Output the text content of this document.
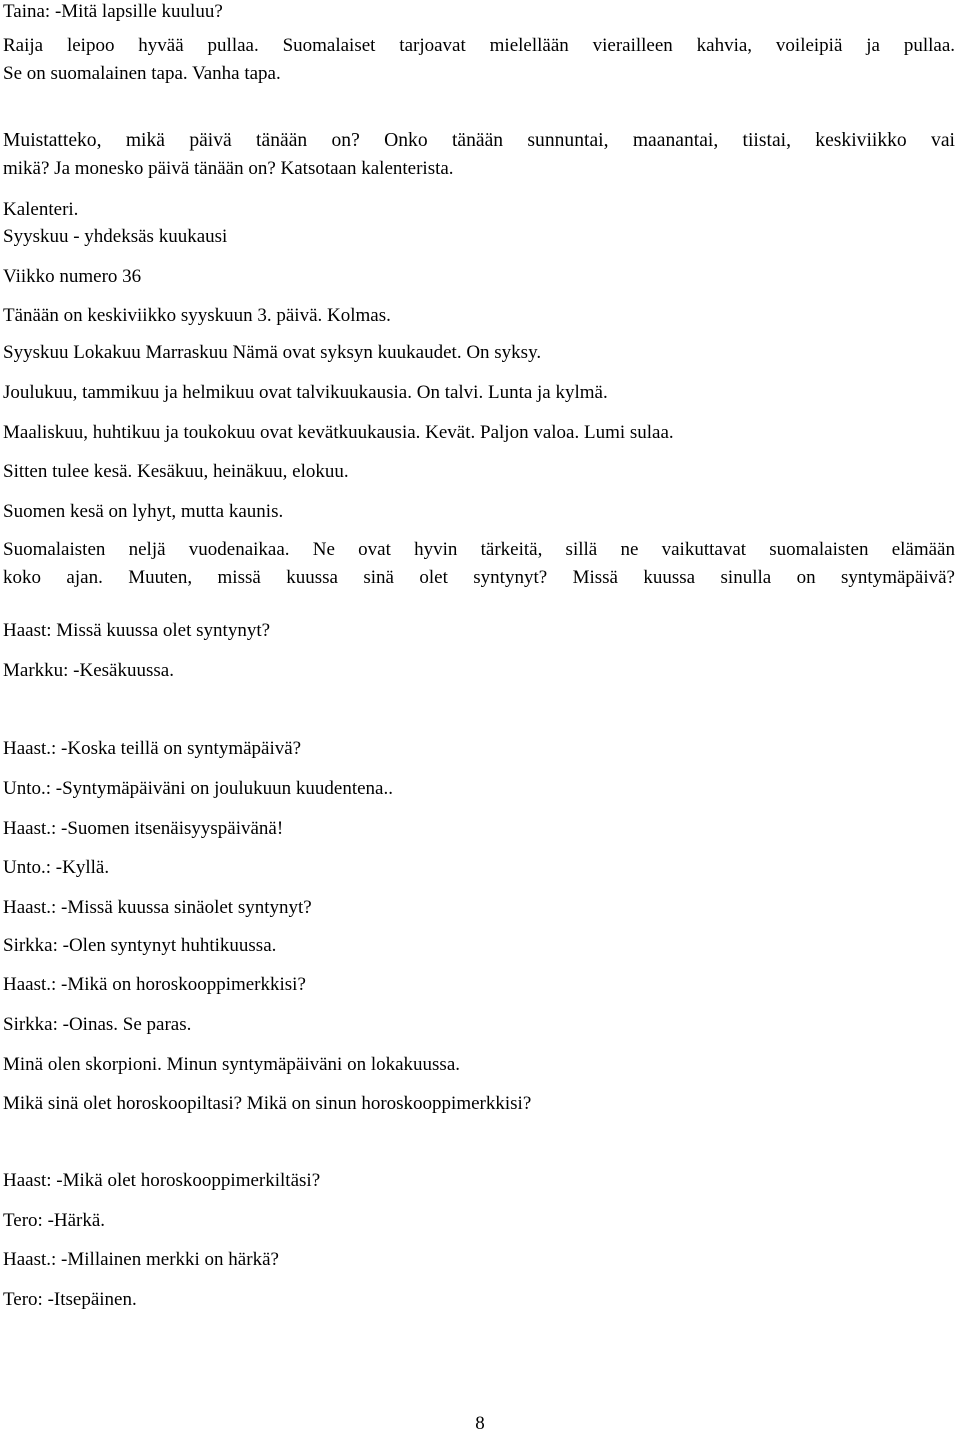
Taina: -Mitä lapsille kuuluu?

Raija leipoo hyvää pullaa. Suomalaiset tarjoavat mielellään vierailleen kahvia, voileipiä ja pullaa.

Se on suomalainen tapa. Vanha tapa.

Muistatteko, mikä päivä tänään on? Onko tänään sunnuntai, maanantai, tiistai, keskiviikko vai

mikä? Ja monesko päivä tänään on? Katsotaan kalenterista.

Kalenteri.

Syyskuu - yhdeksäs kuukausi

Viikko numero 36

Tänään on keskiviikko syyskuun 3. päivä. Kolmas.

Syyskuu Lokakuu Marraskuu Nämä ovat syksyn kuukaudet. On syksy.

Joulukuu, tammikuu ja helmikuu ovat talvikuukausia. On talvi. Lunta ja kylmä.

Maaliskuu, huhtikuu ja toukokuu ovat kevätkuukausia. Kevät. Paljon valoa. Lumi sulaa.

Sitten tulee kesä. Kesäkuu, heinäkuu, elokuu.

Suomen kesä on lyhyt, mutta kaunis.

Suomalaisten neljä vuodenaikaa. Ne ovat hyvin tärkeitä, sillä ne vaikuttavat suomalaisten elämään

koko ajan. Muuten, missä kuussa sinä olet syntynyt? Missä kuussa sinulla on syntymäpäivä?

Haast: Missä kuussa olet syntynyt?

Markku: -Kesäkuussa.

Haast.: -Koska teillä on syntymäpäivä?

Unto.: -Syntymäpäiväni on joulukuun kuudentena..

Haast.: -Suomen itsenäisyyspäivänä!

Unto.: -Kyllä.

Haast.: -Missä kuussa sinäolet syntynyt?

Sirkka: -Olen syntynyt huhtikuussa.

Haast.: -Mikä on horoskooppimerkkisi?

Sirkka: -Oinas. Se paras.

Minä olen skorpioni. Minun syntymäpäiväni on lokakuussa.

Mikä sinä olet horoskoopiltasi? Mikä on sinun horoskooppimerkkisi?

Haast: -Mikä olet horoskooppimerkiltäsi?

Tero: -Härkä.

Haast.: -Millainen merkki on härkä?

Tero: -Itsepäinen.

8
